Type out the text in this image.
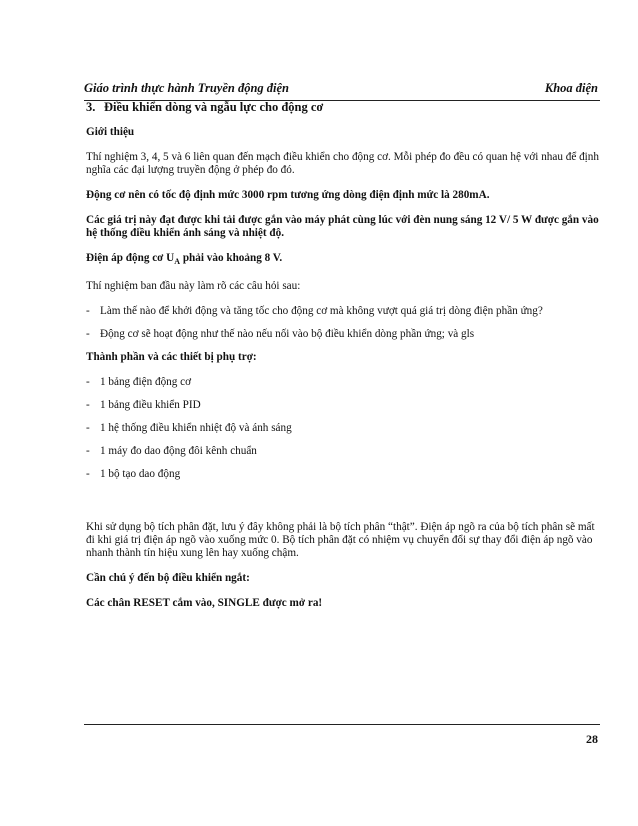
Giáo trình thực hành Truyền động điện	Khoa điện
3. Điều khiển dòng và ngẫu lực cho động cơ
Giới thiệu

Thí nghiệm 3, 4, 5 và 6 liên quan đến mạch điều khiển cho động cơ. Mỗi phép đo đều có quan hệ với nhau để định nghĩa các đại lượng truyền động ở phép đo đó.

Động cơ nên có tốc độ định mức 3000 rpm tương ứng dòng điện định mức là 280mA.

Các giá trị này đạt được khi tải được gắn vào máy phát cùng lúc với đèn nung sáng 12 V/ 5 W được gắn vào hệ thống điều khiển ánh sáng và nhiệt độ.

Điện áp động cơ $U_A$ phải vào khoảng 8 V.

Thí nghiệm ban đầu này làm rõ các câu hỏi sau:

- Làm thế nào để khởi động và tăng tốc cho động cơ mà không vượt quá giá trị dòng điện phần ứng?
- Động cơ sẽ hoạt động như thế nào nếu nối vào bộ điều khiển dòng phần ứng; và gls
Thành phần và các thiết bị phụ trợ:
- 1 bảng điện động cơ
- 1 bảng điều khiển PID
- 1 hệ thống điều khiển nhiệt độ và ánh sáng
- 1 máy đo dao động đôi kênh chuẩn
- 1 bộ tạo dao động

Khi sử dụng bộ tích phân đặt, lưu ý đây không phải là bộ tích phân “thật”. Điện áp ngõ ra của bộ tích phân sẽ mất đi khi giá trị điện áp ngõ vào xuống mức 0. Bộ tích phân đặt có nhiệm vụ chuyển đổi sự thay đổi điện áp ngõ vào nhanh thành tín hiệu xung lên hay xuống chậm.

Cần chú ý đến bộ điều khiển ngắt:

Các chân RESET cắm vào, SINGLE được mở ra!

28
